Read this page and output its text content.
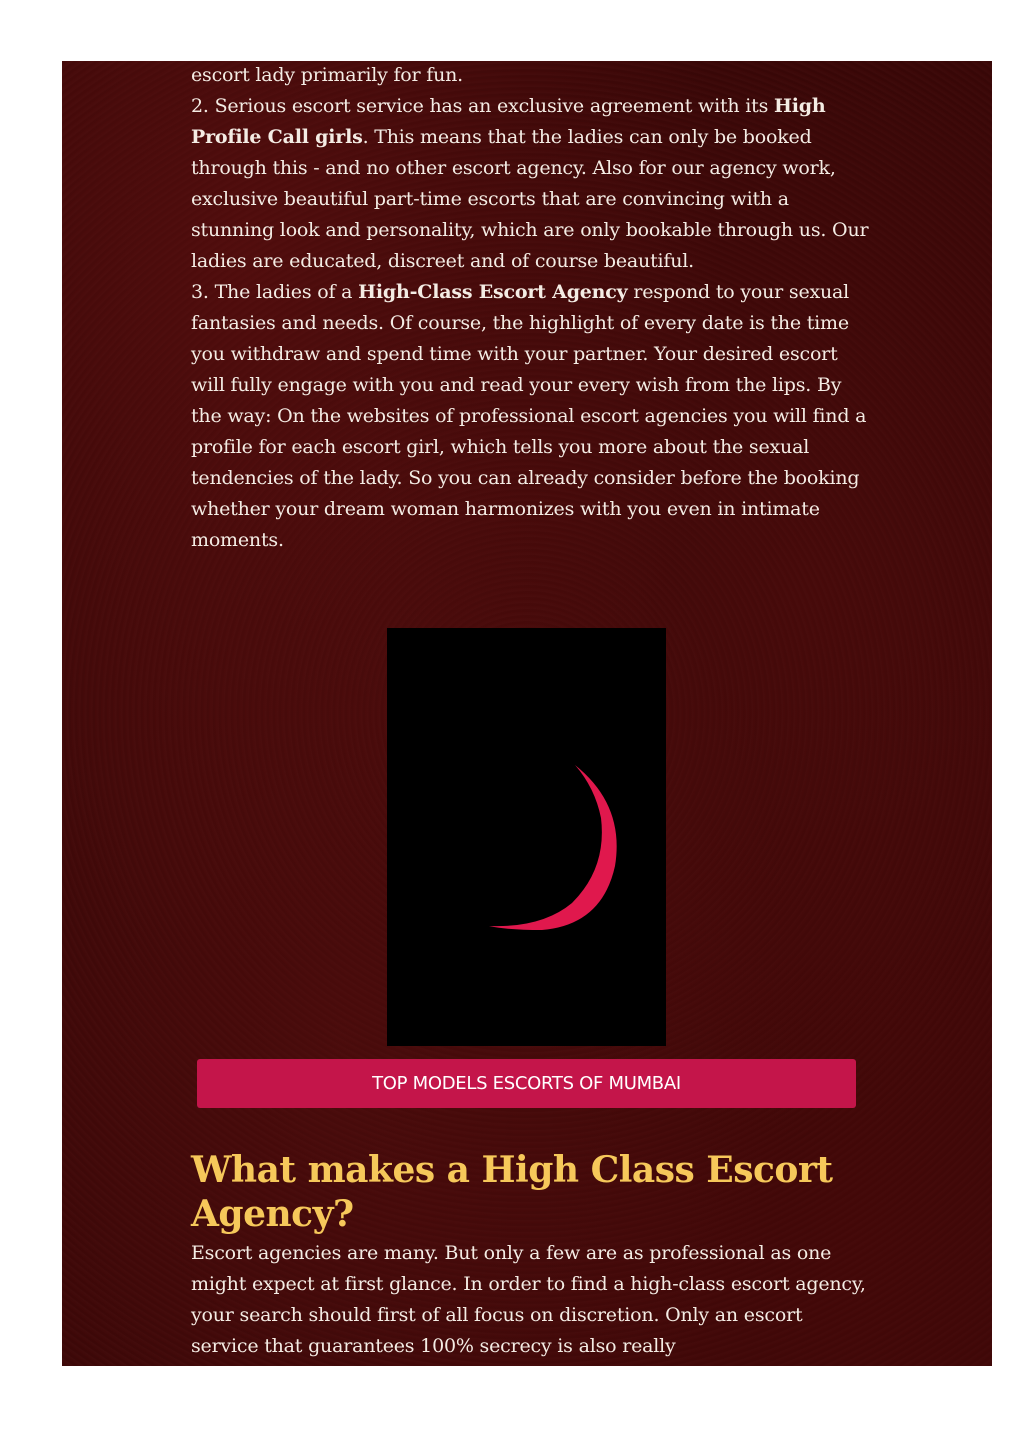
escort lady primarily for fun.

2. Serious escort service has an exclusive agreement with its High Profile Call girls. This means that the ladies can only be booked through this - and no other escort agency. Also for our agency work, exclusive beautiful part-time escorts that are convincing with a stunning look and personality, which are only bookable through us. Our ladies are educated, discreet and of course beautiful.

3. The ladies of a High-Class Escort Agency respond to your sexual fantasies and needs. Of course, the highlight of every date is the time you withdraw and spend time with your partner. Your desired escort will fully engage with you and read your every wish from the lips. By the way: On the websites of professional escort agencies you will find a profile for each escort girl, which tells you more about the sexual tendencies of the lady. So you can already consider before the booking whether your dream woman harmonizes with you even in intimate moments.

TOP MODELS ESCORTS OF MUMBAI
What makes a High Class Escort Agency?

Escort agencies are many. But only a few are as professional as one might expect at first glance. In order to find a high-class escort agency, your search should first of all focus on discretion. Only an escort service that guarantees 100% secrecy is also really
